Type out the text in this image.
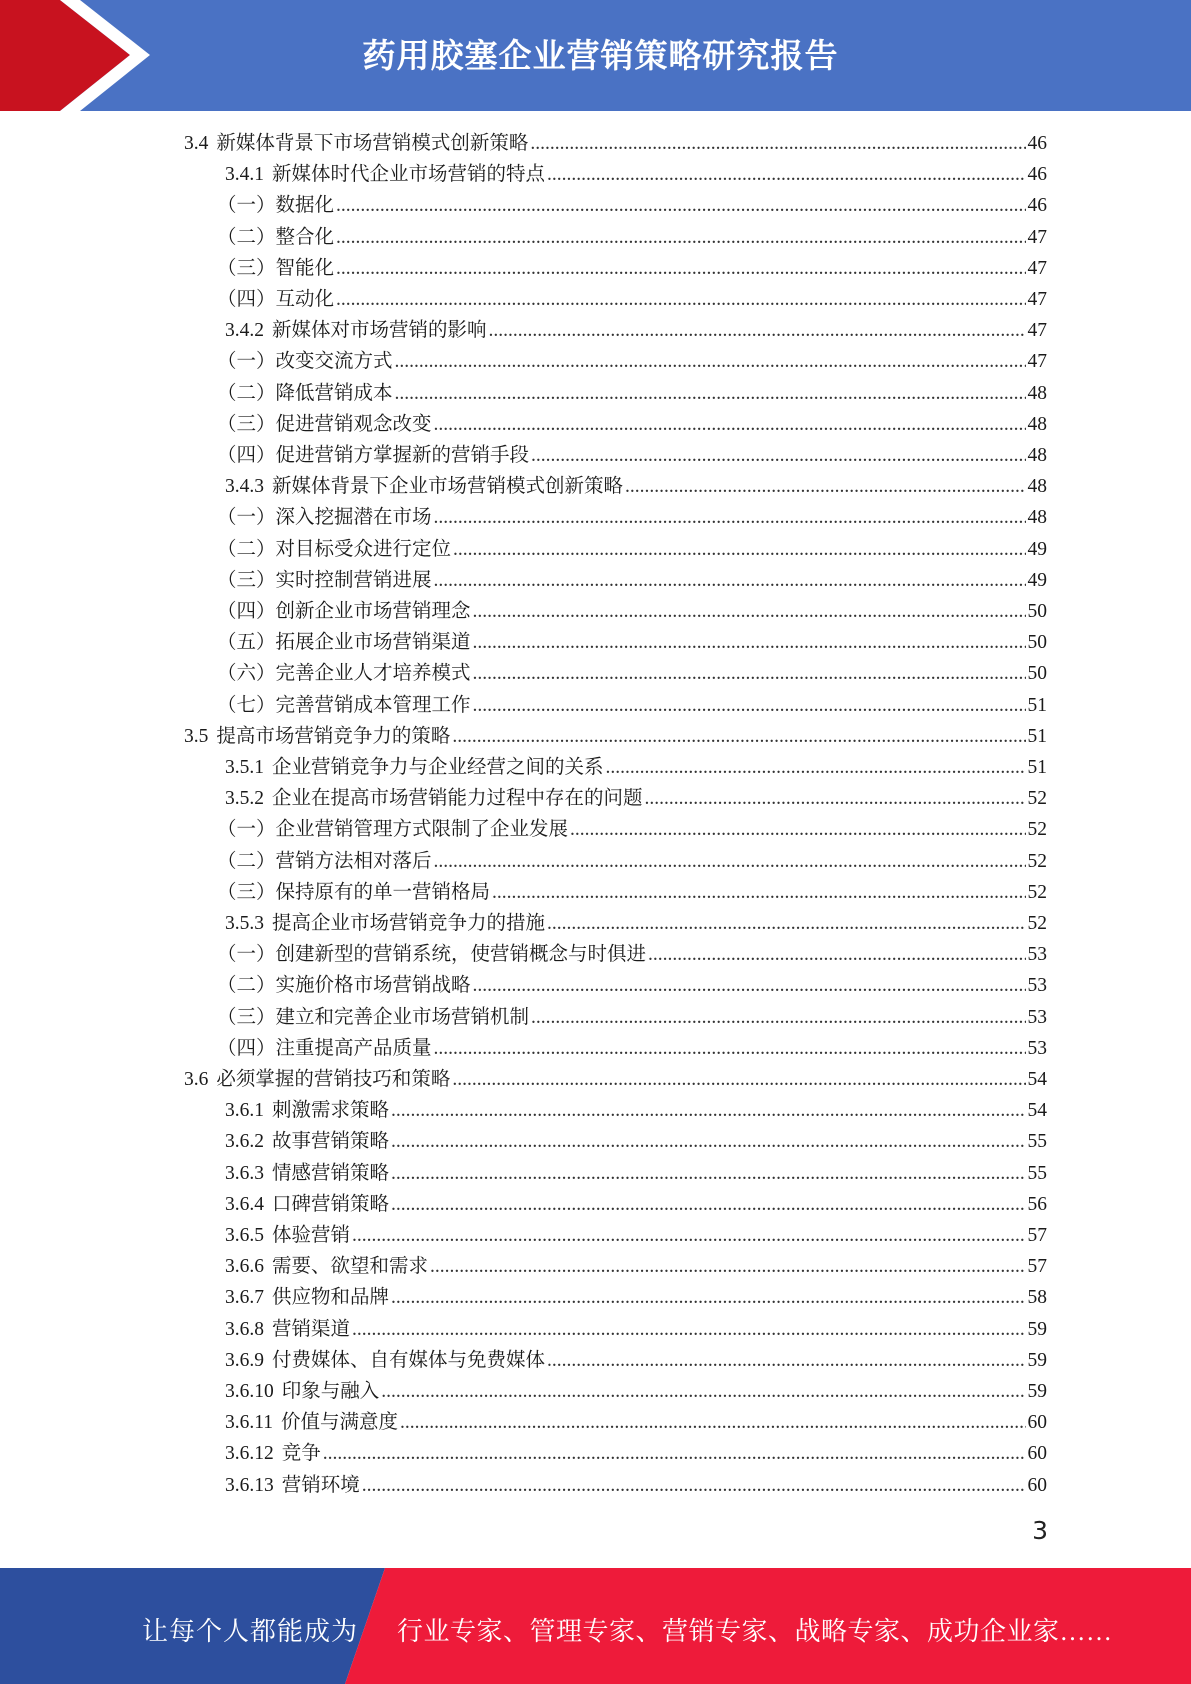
药用胶塞企业营销策略研究报告
3.4 新媒体背景下市场营销模式创新策略 .....	46
3.4.1 新媒体时代企业市场营销的特点 .....	46
（一）数据化 .....	46
（二）整合化 .....	47
（三）智能化 .....	47
（四）互动化 .....	47
3.4.2 新媒体对市场营销的影响 .....	47
（一）改变交流方式 .....	47
（二）降低营销成本 .....	48
（三）促进营销观念改变 .....	48
（四）促进营销方掌握新的营销手段 .....	48
3.4.3 新媒体背景下企业市场营销模式创新策略 .....	48
（一）深入挖掘潜在市场 .....	48
（二）对目标受众进行定位 .....	49
（三）实时控制营销进展 .....	49
（四）创新企业市场营销理念 .....	50
（五）拓展企业市场营销渠道 .....	50
（六）完善企业人才培养模式 .....	50
（七）完善营销成本管理工作 .....	51
3.5 提高市场营销竞争力的策略 .....	51
3.5.1 企业营销竞争力与企业经营之间的关系 .....	51
3.5.2 企业在提高市场营销能力过程中存在的问题 .....	52
（一）企业营销管理方式限制了企业发展 .....	52
（二）营销方法相对落后 .....	52
（三）保持原有的单一营销格局 .....	52
3.5.3 提高企业市场营销竞争力的措施 .....	52
（一）创建新型的营销系统，使营销概念与时俱进 .....	53
（二）实施价格市场营销战略 .....	53
（三）建立和完善企业市场营销机制 .....	53
（四）注重提高产品质量 .....	53
3.6 必须掌握的营销技巧和策略 .....	54
3.6.1 刺激需求策略 .....	54
3.6.2 故事营销策略 .....	55
3.6.3 情感营销策略 .....	55
3.6.4 口碑营销策略 .....	56
3.6.5 体验营销 .....	57
3.6.6 需要、欲望和需求 .....	57
3.6.7 供应物和品牌 .....	58
3.6.8 营销渠道 .....	59
3.6.9 付费媒体、自有媒体与免费媒体 .....	59
3.6.10 印象与融入 .....	59
3.6.11 价值与满意度 .....	60
3.6.12 竞争 .....	60
3.6.13 营销环境 .....	60
3
让每个人都能成为 行业专家、管理专家、营销专家、战略专家、成功企业家……
